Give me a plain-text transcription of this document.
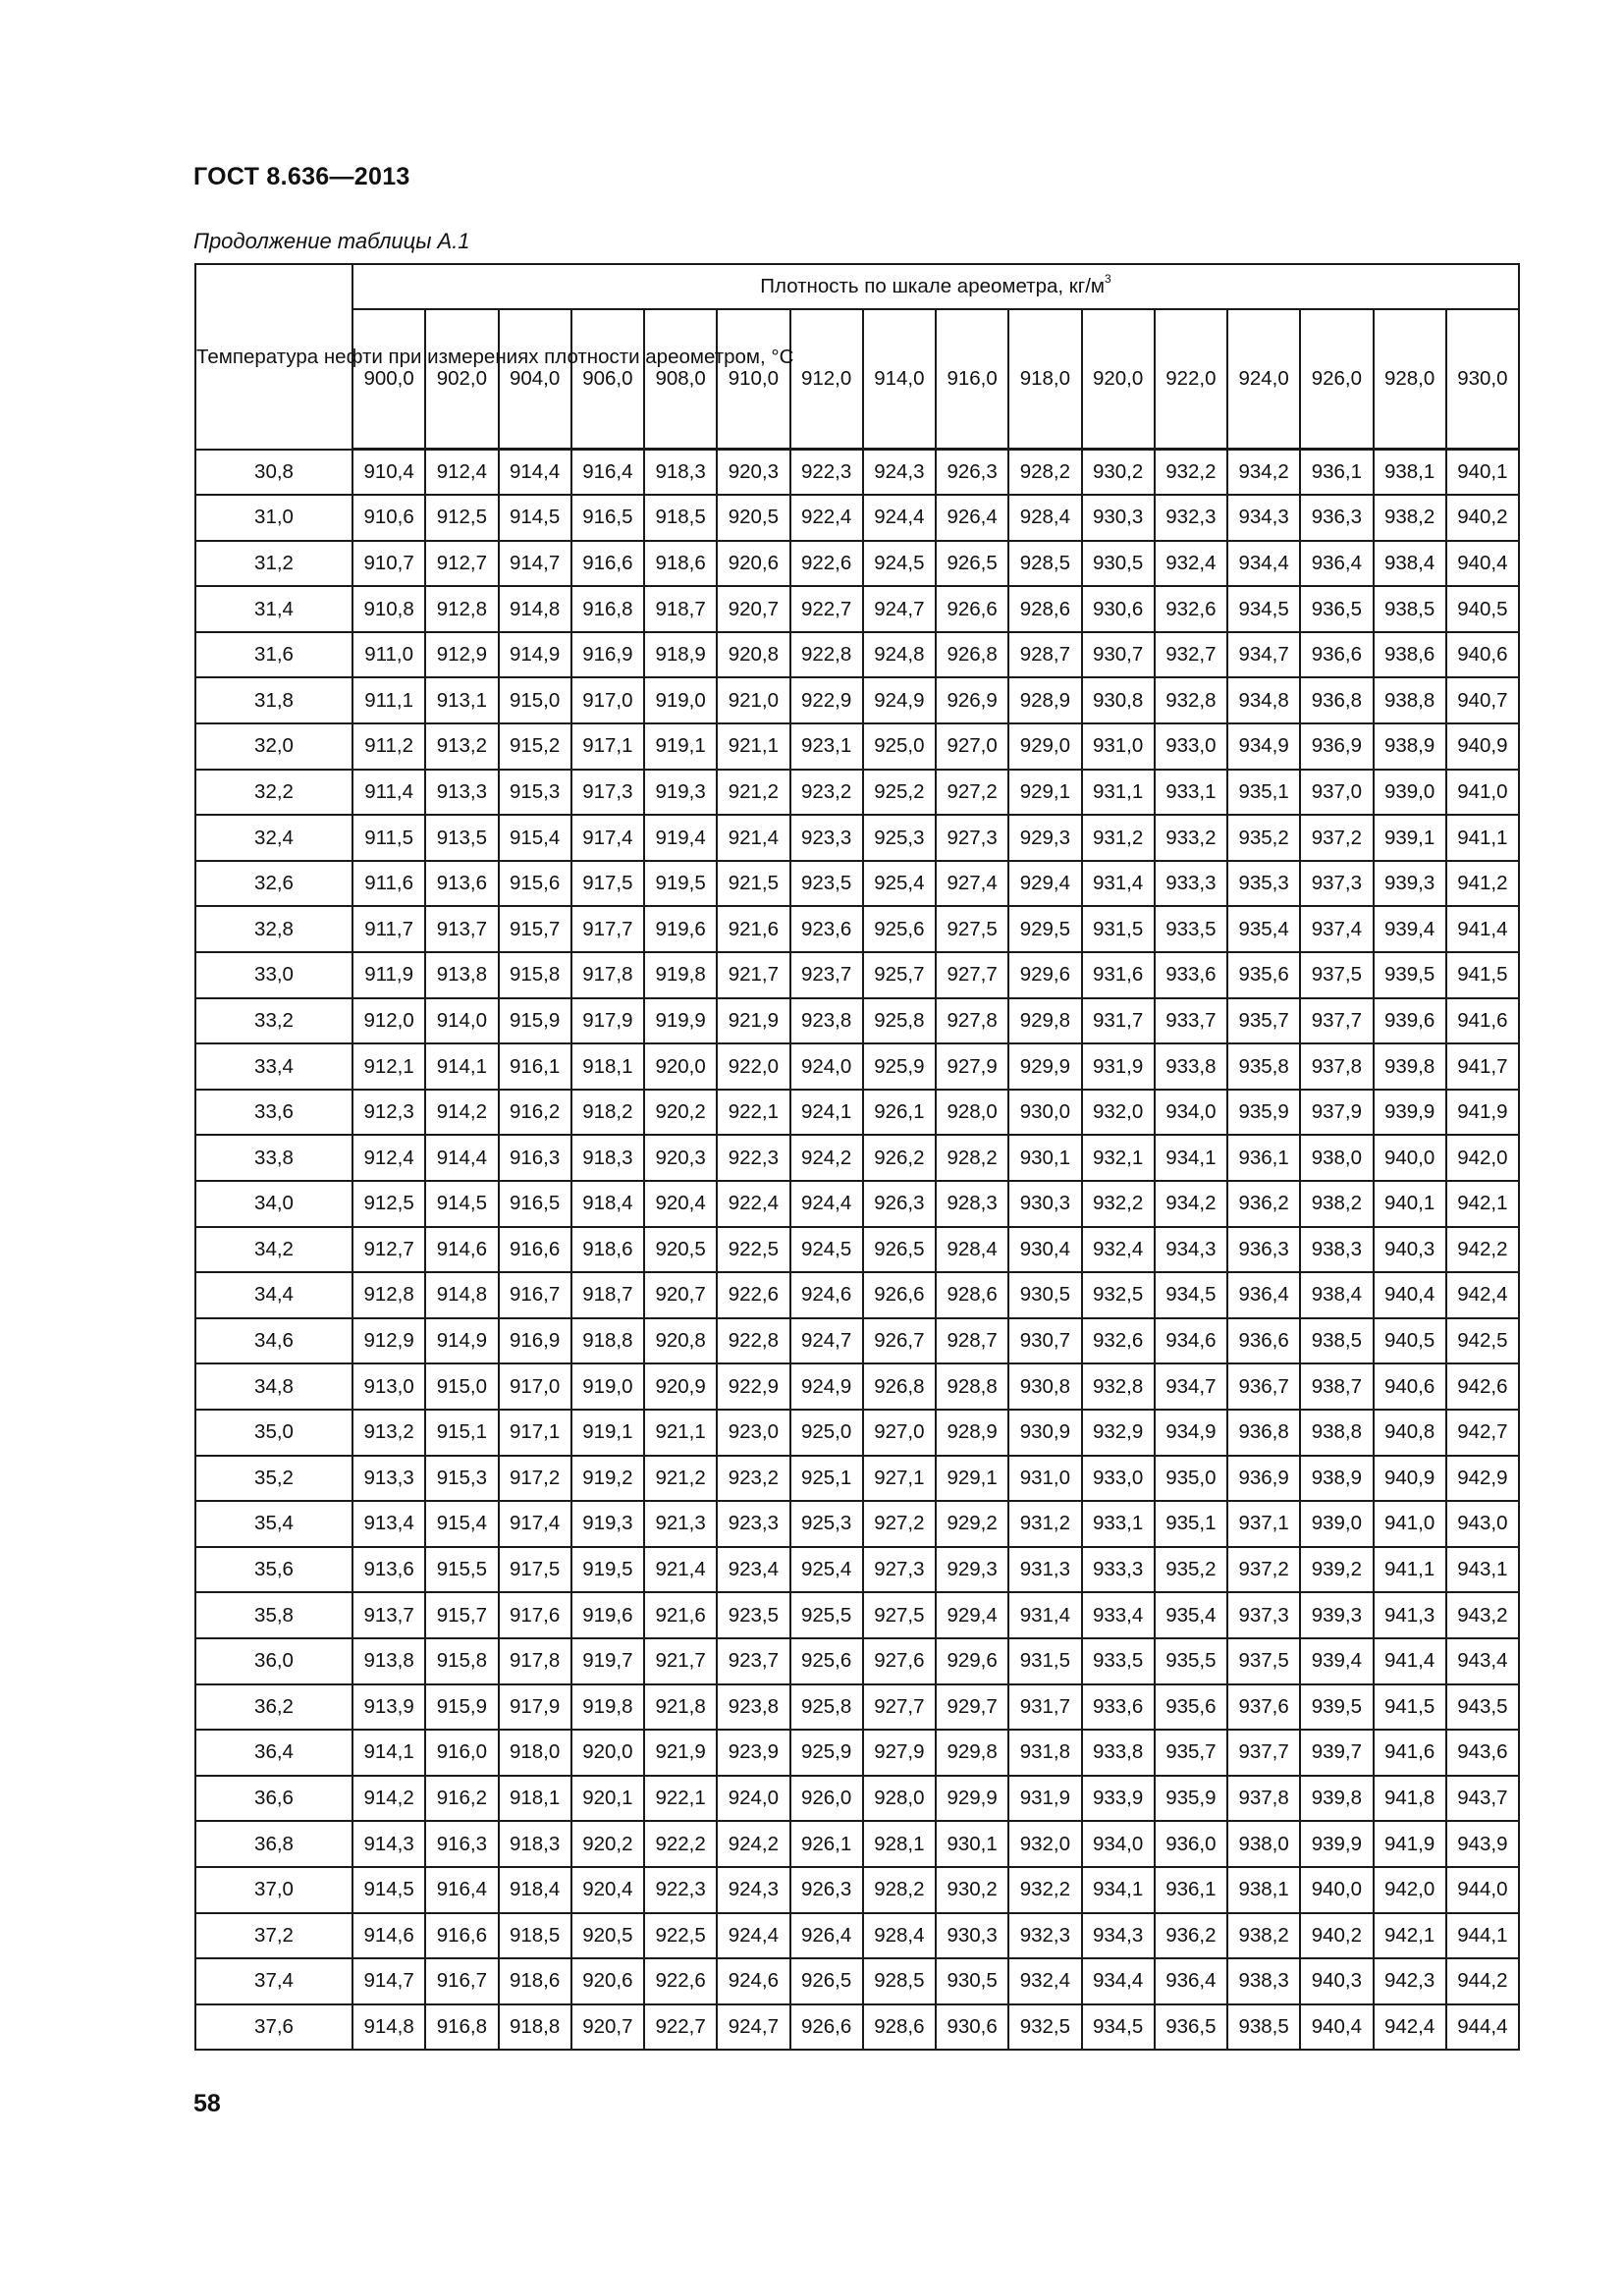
ГОСТ 8.636—2013
Продолжение таблицы А.1
Температура нефти при измерениях плотности ареометром, °С	Плотность по шкале ареометра, $кг/м^3$
	900,0	902,0	904,0	906,0	908,0	910,0	912,0	914,0	916,0	918,0	920,0	922,0	924,0	926,0	928,0	930,0
30,8	910,4	912,4	914,4	916,4	918,3	920,3	922,3	924,3	926,3	928,2	930,2	932,2	934,2	936,1	938,1	940,1
31,0	910,6	912,5	914,5	916,5	918,5	920,5	922,4	924,4	926,4	928,4	930,3	932,3	934,3	936,3	938,2	940,2
31,2	910,7	912,7	914,7	916,6	918,6	920,6	922,6	924,5	926,5	928,5	930,5	932,4	934,4	936,4	938,4	940,4
31,4	910,8	912,8	914,8	916,8	918,7	920,7	922,7	924,7	926,6	928,6	930,6	932,6	934,5	936,5	938,5	940,5
31,6	911,0	912,9	914,9	916,9	918,9	920,8	922,8	924,8	926,8	928,7	930,7	932,7	934,7	936,6	938,6	940,6
31,8	911,1	913,1	915,0	917,0	919,0	921,0	922,9	924,9	926,9	928,9	930,8	932,8	934,8	936,8	938,8	940,7
32,0	911,2	913,2	915,2	917,1	919,1	921,1	923,1	925,0	927,0	929,0	931,0	933,0	934,9	936,9	938,9	940,9
32,2	911,4	913,3	915,3	917,3	919,3	921,2	923,2	925,2	927,2	929,1	931,1	933,1	935,1	937,0	939,0	941,0
32,4	911,5	913,5	915,4	917,4	919,4	921,4	923,3	925,3	927,3	929,3	931,2	933,2	935,2	937,2	939,1	941,1
32,6	911,6	913,6	915,6	917,5	919,5	921,5	923,5	925,4	927,4	929,4	931,4	933,3	935,3	937,3	939,3	941,2
32,8	911,7	913,7	915,7	917,7	919,6	921,6	923,6	925,6	927,5	929,5	931,5	933,5	935,4	937,4	939,4	941,4
33,0	911,9	913,8	915,8	917,8	919,8	921,7	923,7	925,7	927,7	929,6	931,6	933,6	935,6	937,5	939,5	941,5
33,2	912,0	914,0	915,9	917,9	919,9	921,9	923,8	925,8	927,8	929,8	931,7	933,7	935,7	937,7	939,6	941,6
33,4	912,1	914,1	916,1	918,1	920,0	922,0	924,0	925,9	927,9	929,9	931,9	933,8	935,8	937,8	939,8	941,7
33,6	912,3	914,2	916,2	918,2	920,2	922,1	924,1	926,1	928,0	930,0	932,0	934,0	935,9	937,9	939,9	941,9
33,8	912,4	914,4	916,3	918,3	920,3	922,3	924,2	926,2	928,2	930,1	932,1	934,1	936,1	938,0	940,0	942,0
34,0	912,5	914,5	916,5	918,4	920,4	922,4	924,4	926,3	928,3	930,3	932,2	934,2	936,2	938,2	940,1	942,1
34,2	912,7	914,6	916,6	918,6	920,5	922,5	924,5	926,5	928,4	930,4	932,4	934,3	936,3	938,3	940,3	942,2
34,4	912,8	914,8	916,7	918,7	920,7	922,6	924,6	926,6	928,6	930,5	932,5	934,5	936,4	938,4	940,4	942,4
34,6	912,9	914,9	916,9	918,8	920,8	922,8	924,7	926,7	928,7	930,7	932,6	934,6	936,6	938,5	940,5	942,5
34,8	913,0	915,0	917,0	919,0	920,9	922,9	924,9	926,8	928,8	930,8	932,8	934,7	936,7	938,7	940,6	942,6
35,0	913,2	915,1	917,1	919,1	921,1	923,0	925,0	927,0	928,9	930,9	932,9	934,9	936,8	938,8	940,8	942,7
35,2	913,3	915,3	917,2	919,2	921,2	923,2	925,1	927,1	929,1	931,0	933,0	935,0	936,9	938,9	940,9	942,9
35,4	913,4	915,4	917,4	919,3	921,3	923,3	925,3	927,2	929,2	931,2	933,1	935,1	937,1	939,0	941,0	943,0
35,6	913,6	915,5	917,5	919,5	921,4	923,4	925,4	927,3	929,3	931,3	933,3	935,2	937,2	939,2	941,1	943,1
35,8	913,7	915,7	917,6	919,6	921,6	923,5	925,5	927,5	929,4	931,4	933,4	935,4	937,3	939,3	941,3	943,2
36,0	913,8	915,8	917,8	919,7	921,7	923,7	925,6	927,6	929,6	931,5	933,5	935,5	937,5	939,4	941,4	943,4
36,2	913,9	915,9	917,9	919,8	921,8	923,8	925,8	927,7	929,7	931,7	933,6	935,6	937,6	939,5	941,5	943,5
36,4	914,1	916,0	918,0	920,0	921,9	923,9	925,9	927,9	929,8	931,8	933,8	935,7	937,7	939,7	941,6	943,6
36,6	914,2	916,2	918,1	920,1	922,1	924,0	926,0	928,0	929,9	931,9	933,9	935,9	937,8	939,8	941,8	943,7
36,8	914,3	916,3	918,3	920,2	922,2	924,2	926,1	928,1	930,1	932,0	934,0	936,0	938,0	939,9	941,9	943,9
37,0	914,5	916,4	918,4	920,4	922,3	924,3	926,3	928,2	930,2	932,2	934,1	936,1	938,1	940,0	942,0	944,0
37,2	914,6	916,6	918,5	920,5	922,5	924,4	926,4	928,4	930,3	932,3	934,3	936,2	938,2	940,2	942,1	944,1
37,4	914,7	916,7	918,6	920,6	922,6	924,6	926,5	928,5	930,5	932,4	934,4	936,4	938,3	940,3	942,3	944,2
37,6	914,8	916,8	918,8	920,7	922,7	924,7	926,6	928,6	930,6	932,5	934,5	936,5	938,5	940,4	942,4	944,4
58
